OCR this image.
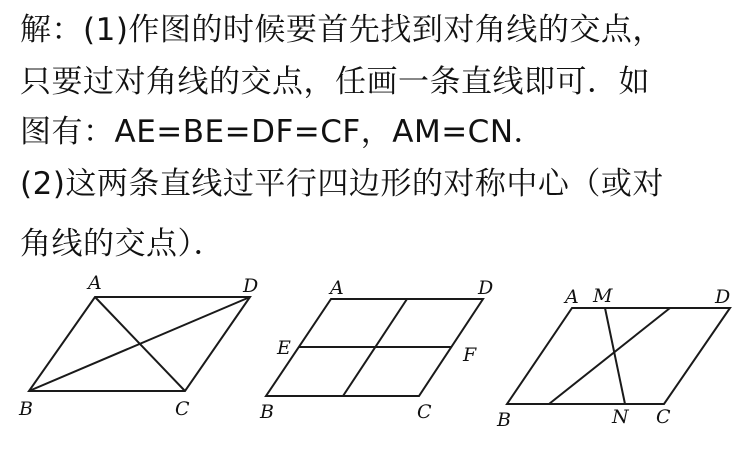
解：(1)作图的时候要首先找到对角线的交点，
只要过对角线的交点，任画一条直线即可．如
图有：AE=BE=DF=CF，AM=CN．
(2)这两条直线过平行四边形的对称中心（或对
角线的交点）．
A	D
B	C
A	D
E	F
B	C
A M	D
B	N C
